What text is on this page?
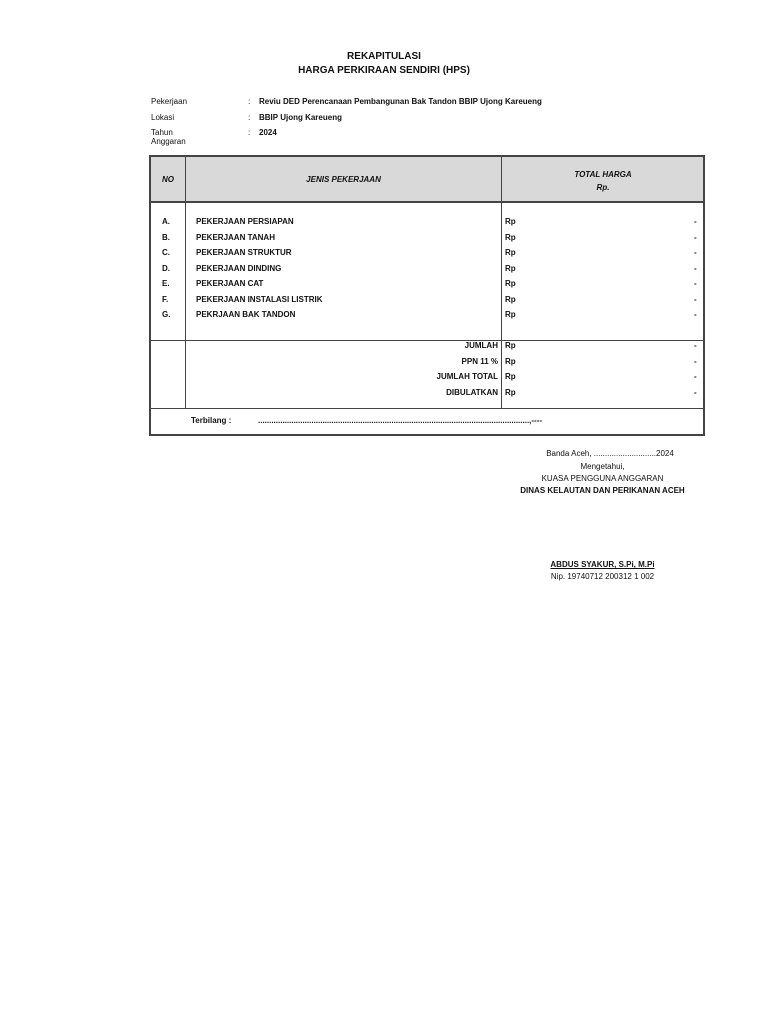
REKAPITULASI
HARGA PERKIRAAN SENDIRI (HPS)
Pekerjaan	: Reviu DED Perencanaan Pembangunan Bak Tandon BBIP Ujong Kareueng
Lokasi	: BBIP Ujong Kareueng
Tahun Anggaran
: 2024
NO	JENIS PEKERJAAN
TOTAL HARGA
Rp.
A.	PEKERJAAN PERSIAPAN	Rp	-
B.	PEKERJAAN TANAH	Rp	-
C.	PEKERJAAN STRUKTUR	Rp	-
D.	PEKERJAAN DINDING	Rp	-
E.	PEKERJAAN CAT	Rp	-
F.	PEKERJAAN INSTALASI LISTRIK	Rp	-
G.	PEKRJAAN BAK TANDON	Rp	-
JUMLAH Rp	-
PPN 11 % Rp	-
JUMLAH TOTAL Rp	-
DIBULATKAN Rp	-
Terbilang :	..........................................................................................................................,----
Banda Aceh, ............................2024
Mengetahui,
KUASA PENGGUNA ANGGARAN
DINAS KELAUTAN DAN PERIKANAN ACEH
ABDUS SYAKUR, S.Pi, M.Pi
Nip. 19740712 200312 1 002
